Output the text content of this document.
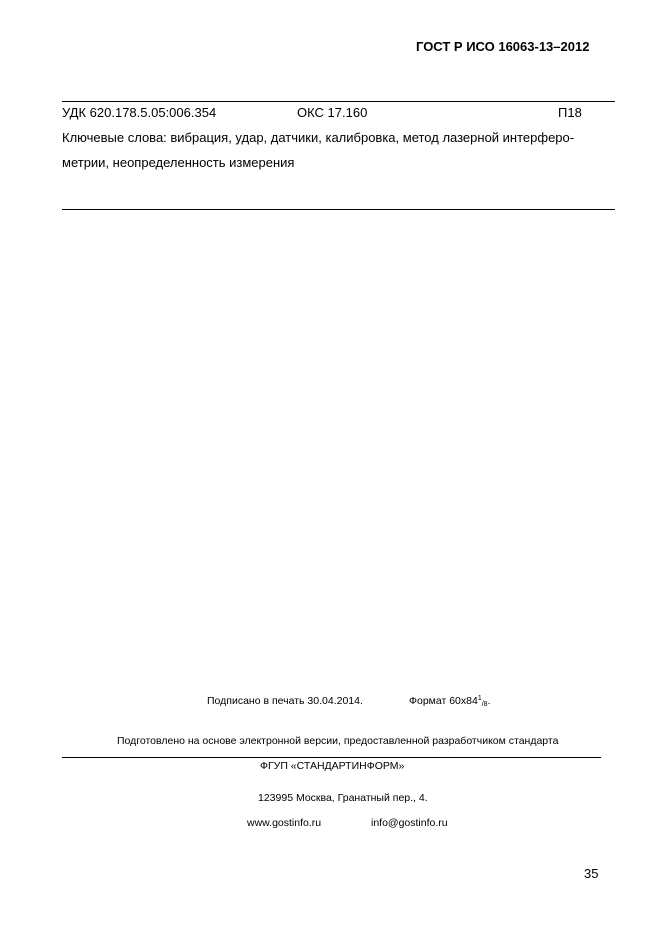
ГОСТ Р ИСО 16063-13–2012
УДК 620.178.5.05:006.354	ОКС 17.160	П18
Ключевые слова: вибрация, удар, датчики, калибровка, метод лазерной интерферо-
метрии, неопределенность измерения
Подписано в печать 30.04.2014.	Формат $60x84^1_{/8}$.
Подготовлено на основе электронной версии, предоставленной разработчиком стандарта
ФГУП «СТАНДАРТИНФОРМ»
123995 Москва, Гранатный пер., 4.
www.gostinfo.ru	info@gostinfo.ru
35
